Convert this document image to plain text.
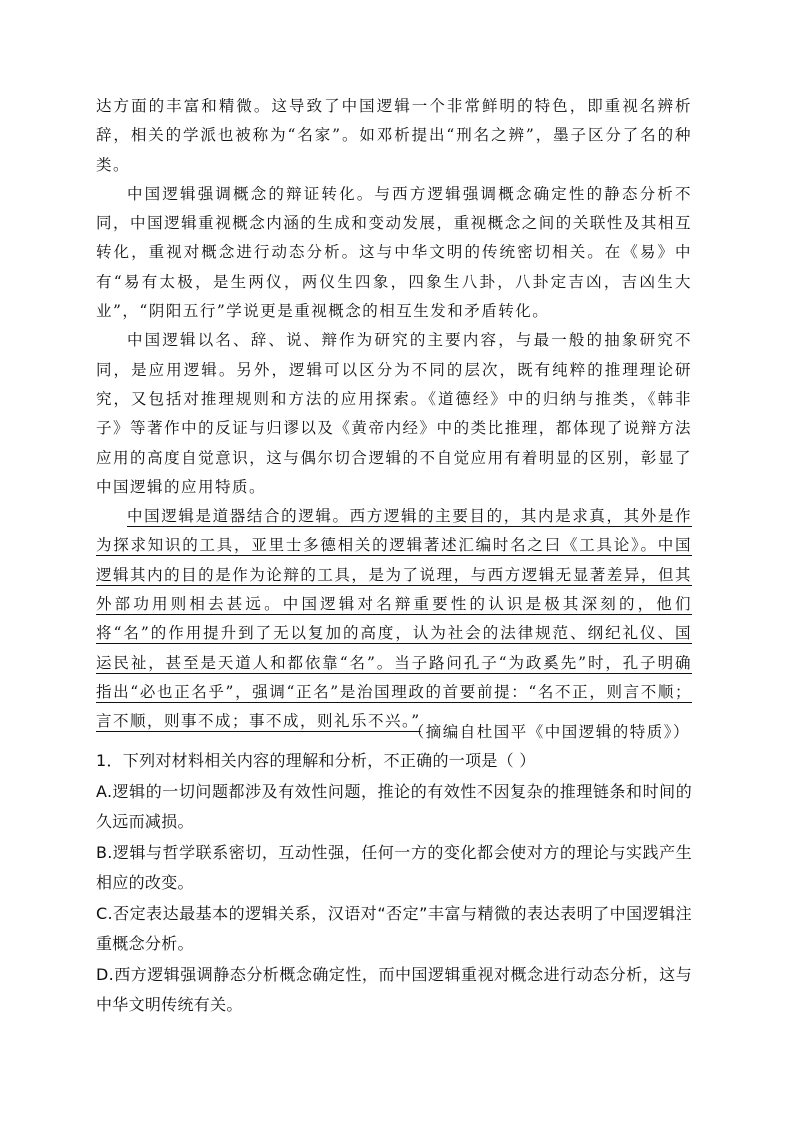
达方面的丰富和精微。这导致了中国逻辑一个非常鲜明的特色，即重视名辨析辞，相关的学派也被称为“名家”。如邓析提出“刑名之辨”，墨子区分了名的种类。

中国逻辑强调概念的辩证转化。与西方逻辑强调概念确定性的静态分析不同，中国逻辑重视概念内涵的生成和变动发展，重视概念之间的关联性及其相互转化，重视对概念进行动态分析。这与中华文明的传统密切相关。在《易》中有“易有太极，是生两仪，两仪生四象，四象生八卦，八卦定吉凶，吉凶生大业”，“阴阳五行”学说更是重视概念的相互生发和矛盾转化。

中国逻辑以名、辞、说、辩作为研究的主要内容，与最一般的抽象研究不同，是应用逻辑。另外，逻辑可以区分为不同的层次，既有纯粹的推理理论研究，又包括对推理规则和方法的应用探索。《道德经》中的归纳与推类，《韩非子》等著作中的反证与归谬以及《黄帝内经》中的类比推理，都体现了说辩方法应用的高度自觉意识，这与偶尔切合逻辑的不自觉应用有着明显的区别，彰显了中国逻辑的应用特质。

中国逻辑是道器结合的逻辑。西方逻辑的主要目的，其内是求真，其外是作为探求知识的工具，亚里士多德相关的逻辑著述汇编时名之曰《工具论》。中国逻辑其内的目的是作为论辩的工具，是为了说理，与西方逻辑无显著差异，但其外部功用则相去甚远。中国逻辑对名辩重要性的认识是极其深刻的，他们将“名”的作用提升到了无以复加的高度，认为社会的法律规范、纲纪礼仪、国运民祉，甚至是天道人和都依靠“名”。当子路问孔子“为政奚先”时，孔子明确指出“必也正名乎”，强调“正名”是治国理政的首要前提：“名不正，则言不顺；言不顺，则事不成；事不成，则礼乐不兴。”

（摘编自杜国平《中国逻辑的特质》）

1．下列对材料相关内容的理解和分析，不正确的一项是（ ）

A.逻辑的一切问题都涉及有效性问题，推论的有效性不因复杂的推理链条和时间的久远而减损。

B.逻辑与哲学联系密切，互动性强，任何一方的变化都会使对方的理论与实践产生相应的改变。

C.否定表达最基本的逻辑关系，汉语对“否定”丰富与精微的表达表明了中国逻辑注重概念分析。

D.西方逻辑强调静态分析概念确定性，而中国逻辑重视对概念进行动态分析，这与中华文明传统有关。
